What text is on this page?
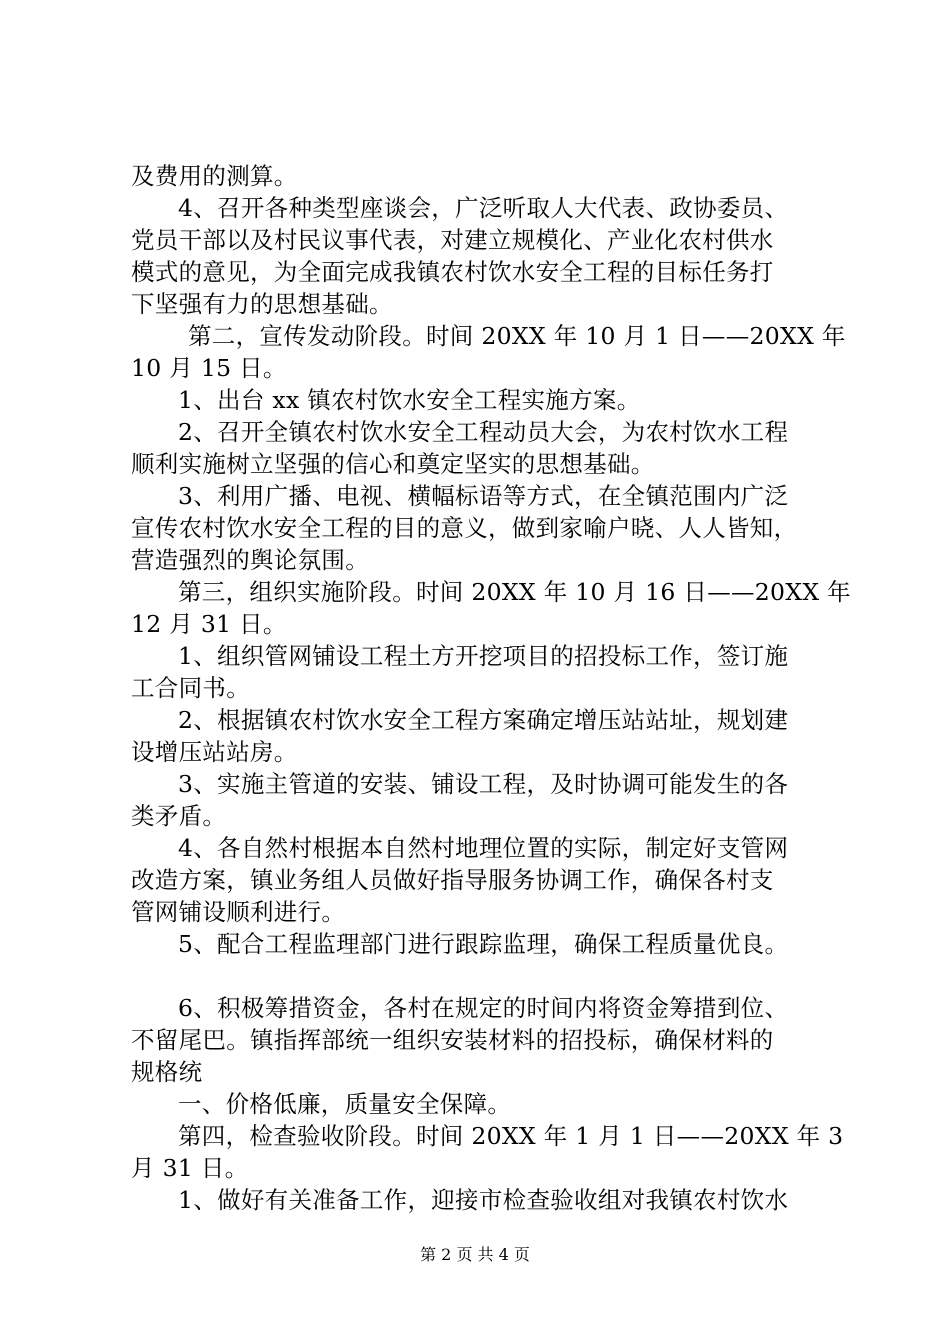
及费用的测算。
4、召开各种类型座谈会，广泛听取人大代表、政协委员、
党员干部以及村民议事代表，对建立规模化、产业化农村供水
模式的意见，为全面完成我镇农村饮水安全工程的目标任务打
下坚强有力的思想基础。
第二，宣传发动阶段。时间 20XX 年 10 月 1 日——20XX 年
10 月 15 日。
1、出台 xx 镇农村饮水安全工程实施方案。
2、召开全镇农村饮水安全工程动员大会，为农村饮水工程
顺利实施树立坚强的信心和奠定坚实的思想基础。
3、利用广播、电视、横幅标语等方式，在全镇范围内广泛
宣传农村饮水安全工程的目的意义，做到家喻户晓、人人皆知，
营造强烈的舆论氛围。
第三，组织实施阶段。时间 20XX 年 10 月 16 日——20XX 年
12 月 31 日。
1、组织管网铺设工程土方开挖项目的招投标工作，签订施
工合同书。
2、根据镇农村饮水安全工程方案确定增压站站址，规划建
设增压站站房。
3、实施主管道的安装、铺设工程，及时协调可能发生的各
类矛盾。
4、各自然村根据本自然村地理位置的实际，制定好支管网
改造方案，镇业务组人员做好指导服务协调工作，确保各村支
管网铺设顺利进行。
5、配合工程监理部门进行跟踪监理，确保工程质量优良。
6、积极筹措资金，各村在规定的时间内将资金筹措到位、
不留尾巴。镇指挥部统一组织安装材料的招投标，确保材料的
规格统
一、价格低廉，质量安全保障。
第四，检查验收阶段。时间 20XX 年 1 月 1 日——20XX 年 3
月 31 日。
1、做好有关准备工作，迎接市检查验收组对我镇农村饮水
第 2 页 共 4 页
